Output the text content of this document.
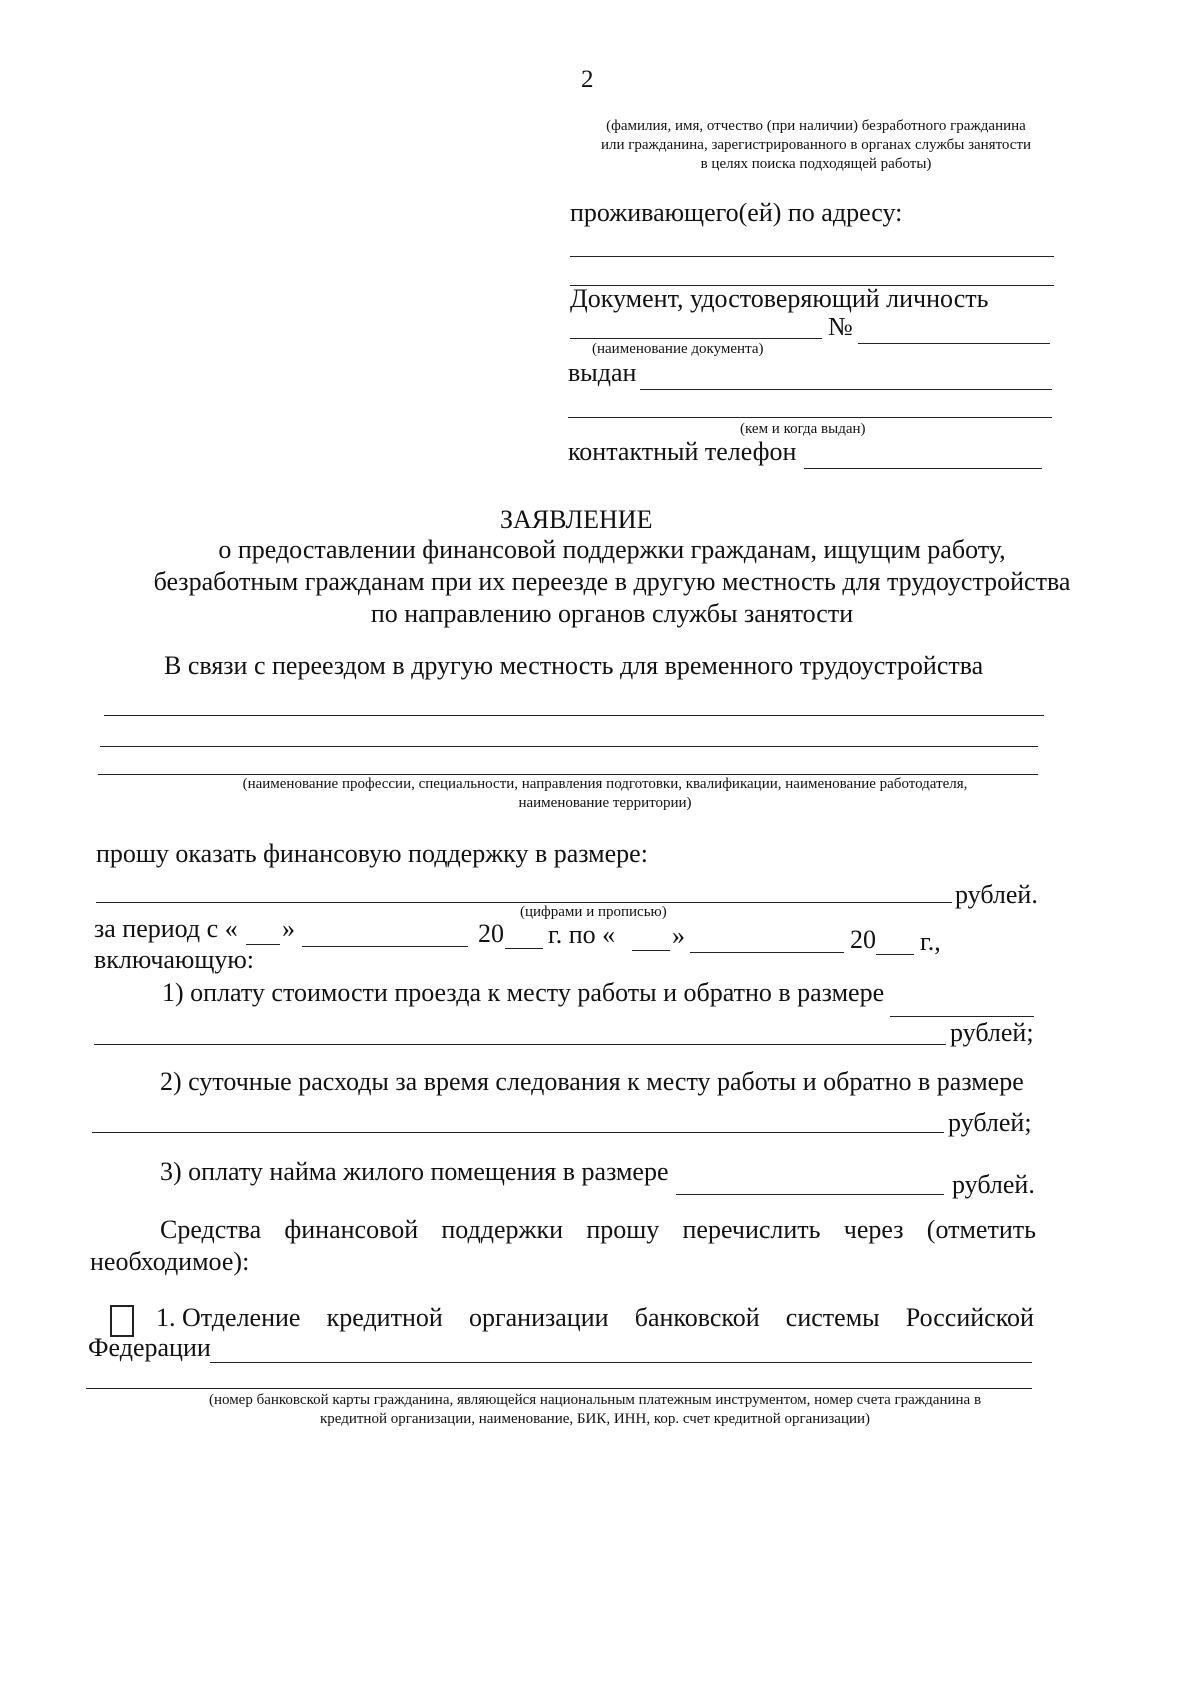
2
(фамилия, имя, отчество (при наличии) безработного гражданина
или гражданина, зарегистрированного в органах службы занятости
в целях поиска подходящей работы)
проживающего(ей) по адресу:
Документ, удостоверяющий личность
№
(наименование документа)
выдан
(кем и когда выдан)
контактный телефон
ЗАЯВЛЕНИЕ
о предоставлении финансовой поддержки гражданам, ищущим работу,
безработным гражданам при их переезде в другую местность для трудоустройства
по направлению органов службы занятости
В связи с переездом в другую местность для временного трудоустройства
(наименование профессии, специальности, направления подготовки, квалификации, наименование работодателя,
наименование территории)
прошу оказать финансовую поддержку в размере:
рублей.
(цифрами и прописью)
за период с « »	20 г. по « »	20 г.,
включающую:
1) оплату стоимости проезда к месту работы и обратно в размере
рублей;
2) суточные расходы за время следования к месту работы и обратно в размере
рублей;
3) оплату найма жилого помещения в размере	рублей.
Средства финансовой поддержки прошу перечислить через (отметить
необходимое):
1. Отделение кредитной организации банковской системы Российской
Федерации
(номер банковской карты гражданина, являющейся национальным платежным инструментом, номер счета гражданина в
кредитной организации, наименование, БИК, ИНН, кор. счет кредитной организации)
